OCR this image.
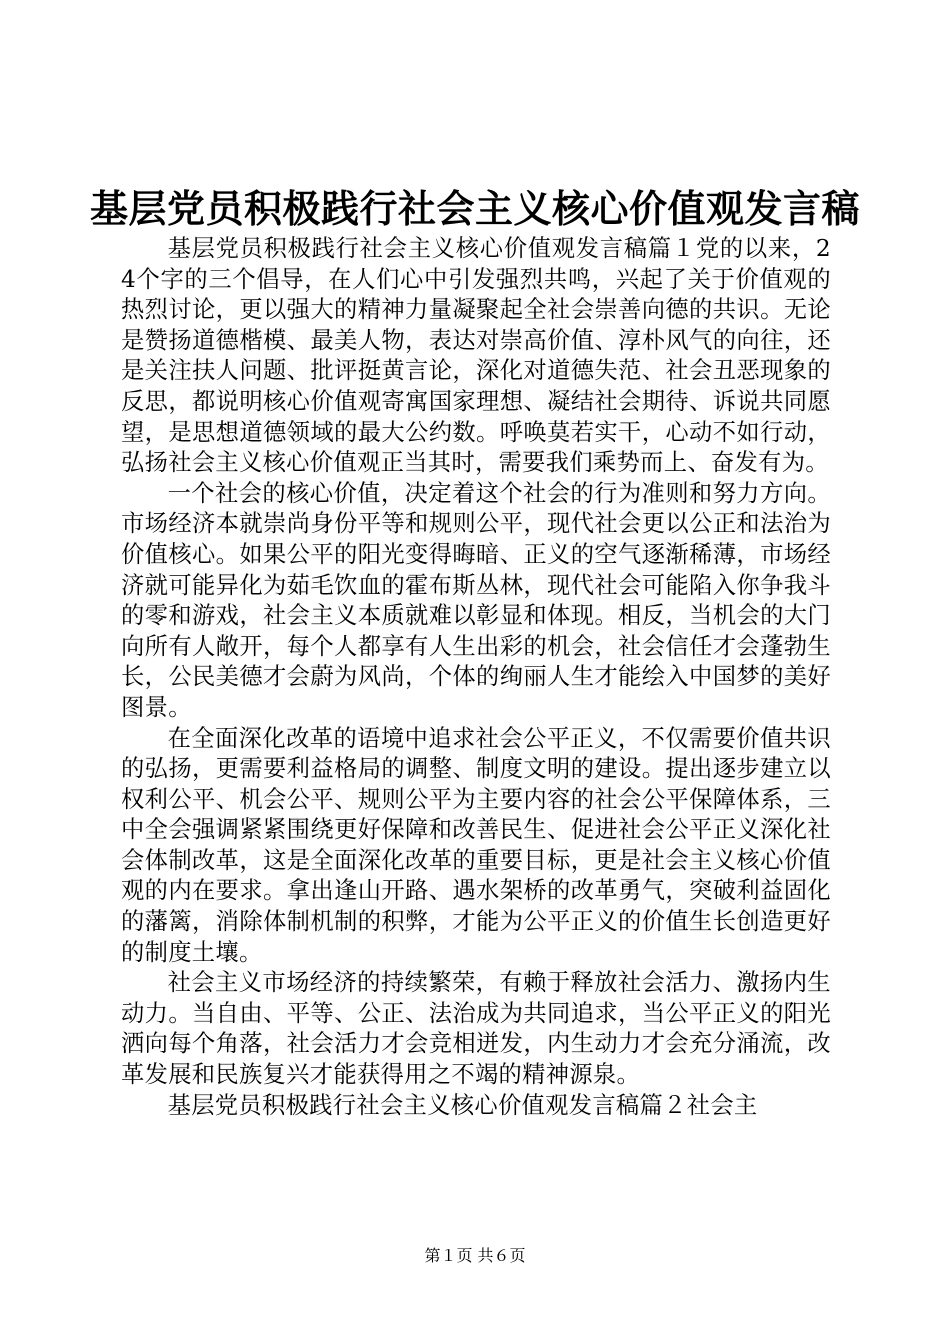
基层党员积极践行社会主义核心价值观发言稿

基层党员积极践行社会主义核心价值观发言稿篇１党的以来，24个字的三个倡导，在人们心中引发强烈共鸣，兴起了关于价值观的热烈讨论，更以强大的精神力量凝聚起全社会崇善向德的共识。无论是赞扬道德楷模、最美人物，表达对崇高价值、淳朴风气的向往，还是关注扶人问题、批评挺黄言论，深化对道德失范、社会丑恶现象的反思，都说明核心价值观寄寓国家理想、凝结社会期待、诉说共同愿望，是思想道德领域的最大公约数。呼唤莫若实干，心动不如行动，弘扬社会主义核心价值观正当其时，需要我们乘势而上、奋发有为。

一个社会的核心价值，决定着这个社会的行为准则和努力方向。市场经济本就崇尚身份平等和规则公平，现代社会更以公正和法治为价值核心。如果公平的阳光变得晦暗、正义的空气逐渐稀薄，市场经济就可能异化为茹毛饮血的霍布斯丛林，现代社会可能陷入你争我斗的零和游戏，社会主义本质就难以彰显和体现。相反，当机会的大门向所有人敞开，每个人都享有人生出彩的机会，社会信任才会蓬勃生长，公民美德才会蔚为风尚，个体的绚丽人生才能绘入中国梦的美好图景。

在全面深化改革的语境中追求社会公平正义，不仅需要价值共识的弘扬，更需要利益格局的调整、制度文明的建设。提出逐步建立以权利公平、机会公平、规则公平为主要内容的社会公平保障体系，三中全会强调紧紧围绕更好保障和改善民生、促进社会公平正义深化社会体制改革，这是全面深化改革的重要目标，更是社会主义核心价值观的内在要求。拿出逢山开路、遇水架桥的改革勇气，突破利益固化的藩篱，消除体制机制的积弊，才能为公平正义的价值生长创造更好的制度土壤。

社会主义市场经济的持续繁荣，有赖于释放社会活力、激扬内生动力。当自由、平等、公正、法治成为共同追求，当公平正义的阳光洒向每个角落，社会活力才会竞相迸发，内生动力才会充分涌流，改革发展和民族复兴才能获得用之不竭的精神源泉。

基层党员积极践行社会主义核心价值观发言稿篇２社会主

第１页 共６页
